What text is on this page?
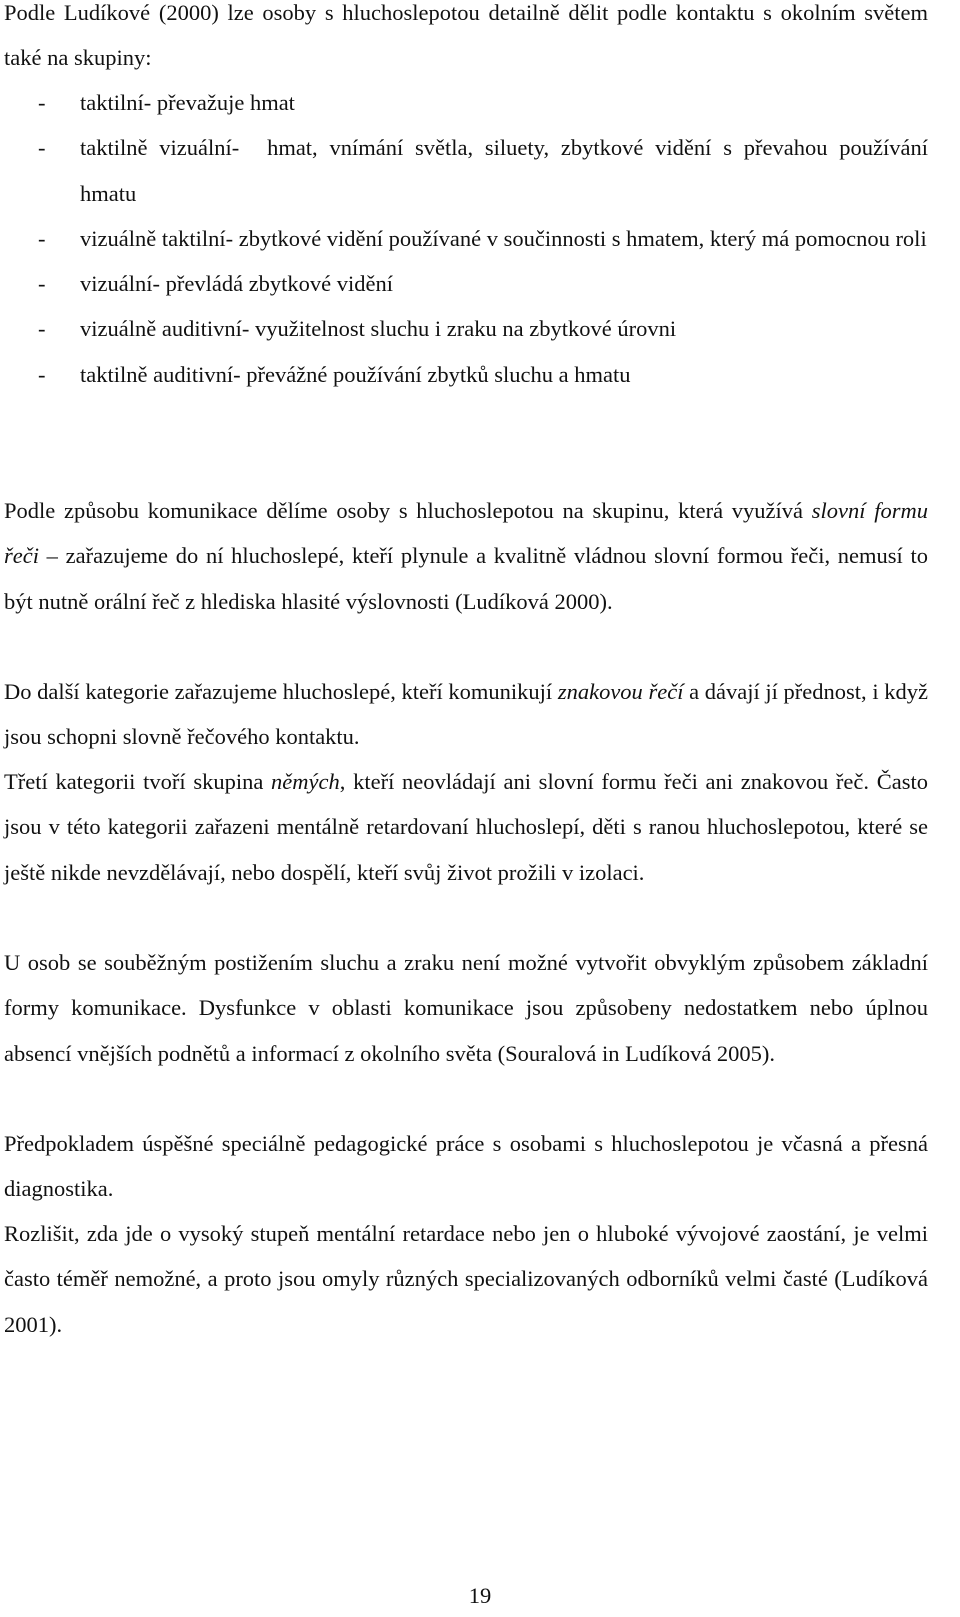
Podle Ludíkové (2000) lze osoby s hluchoslepotou detailně dělit podle kontaktu s okolním světem také na skupiny:

- taktilní- převažuje hmat
- taktilně vizuální- hmat, vnímání světla, siluety, zbytkové vidění s převahou používání hmatu
- vizuálně taktilní- zbytkové vidění používané v součinnosti s hmatem, který má pomocnou roli
- vizuální- převládá zbytkové vidění
- vizuálně auditivní- využitelnost sluchu i zraku na zbytkové úrovni
- taktilně auditivní- převážné používání zbytků sluchu a hmatu

Podle způsobu komunikace dělíme osoby s hluchoslepotou na skupinu, která využívá slovní formu řeči – zařazujeme do ní hluchoslepé, kteří plynule a kvalitně vládnou slovní formou řeči, nemusí to být nutně orální řeč z hlediska hlasité výslovnosti (Ludíková 2000).

Do další kategorie zařazujeme hluchoslepé, kteří komunikují znakovou řečí a dávají jí přednost, i když jsou schopni slovně řečového kontaktu.

Třetí kategorii tvoří skupina němých, kteří neovládají ani slovní formu řeči ani znakovou řeč. Často jsou v této kategorii zařazeni mentálně retardovaní hluchoslepí, děti s ranou hluchoslepotou, které se ještě nikde nevzdělávají, nebo dospělí, kteří svůj život prožili v izolaci.

U osob se souběžným postižením sluchu a zraku není možné vytvořit obvyklým způsobem základní formy komunikace. Dysfunkce v oblasti komunikace jsou způsobeny nedostatkem nebo úplnou absencí vnějších podnětů a informací z okolního světa (Souralová in Ludíková 2005).

Předpokladem úspěšné speciálně pedagogické práce s osobami s hluchoslepotou je včasná a přesná diagnostika.

Rozlišit, zda jde o vysoký stupeň mentální retardace nebo jen o hluboké vývojové zaostání, je velmi často téměř nemožné, a proto jsou omyly různých specializovaných odborníků velmi časté (Ludíková 2001).

19
